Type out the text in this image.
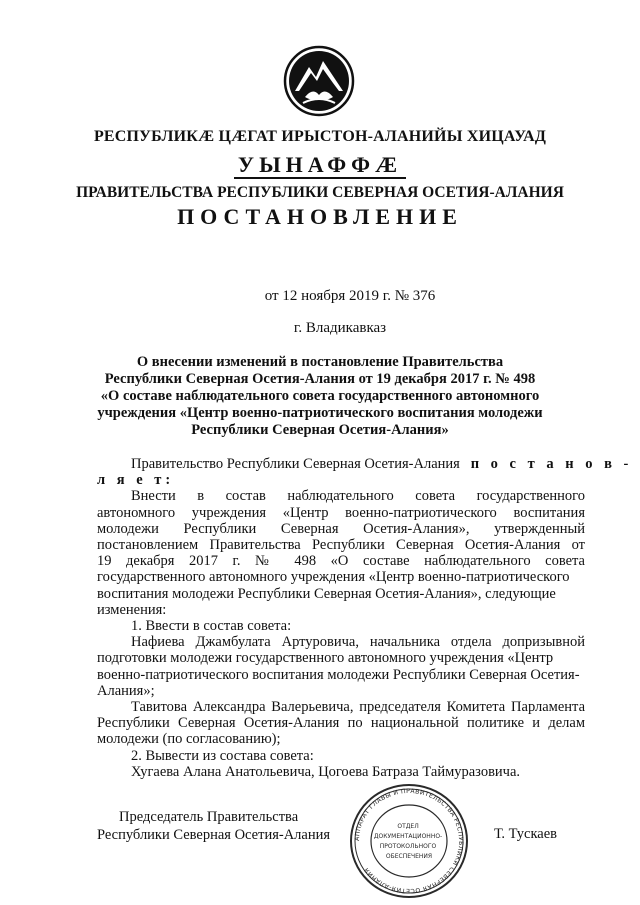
РЕСПУБЛИКӔ ЦӔГАТ ИРЫСТОН-АЛАНИЙЫ ХИЦАУАД
УЫНАФФӔ
ПРАВИТЕЛЬСТВА РЕСПУБЛИКИ СЕВЕРНАЯ ОСЕТИЯ-АЛАНИЯ
ПОСТАНОВЛЕНИЕ
от 12 ноября 2019 г. № 376
г. Владикавказ
О внесении изменений в постановление Правительства
Республики Северная Осетия-Алания от 19 декабря 2017 г. № 498
«О составе наблюдательного совета государственного автономного
учреждения «Центр военно-патриотического воспитания молодежи
Республики Северная Осетия-Алания»
Правительство Республики Северная Осетия-Алания п о с т а н о в -
л я е т:
Внести в состав наблюдательного совета государственного
автономного учреждения «Центр военно-патриотического воспитания
молодежи Республики Северная Осетия-Алания», утвержденный
постановлением Правительства Республики Северная Осетия-Алания от
19 декабря 2017 г. № 498 «О составе наблюдательного совета
государственного автономного учреждения «Центр военно-патриотического
воспитания молодежи Республики Северная Осетия-Алания», следующие
изменения:
1. Ввести в состав совета:
Нафиева Джамбулата Артуровича, начальника отдела допризывной
подготовки молодежи государственного автономного учреждения «Центр
военно-патриотического воспитания молодежи Республики Северная Осетия-
Алания»;
Тавитова Александра Валерьевича, председателя Комитета Парламента
Республики Северная Осетия-Алания по национальной политике и делам
молодежи (по согласованию);
2. Вывести из состава совета:
Хугаева Алана Анатольевича, Цогоева Батраза Таймуразовича.
Председатель Правительства
Республики Северная Осетия-Алания	АППАРАТ ГЛАВЫ И ПРАВИТЕЛЬСТВА РЕСПУБЛИКИ СЕВЕРНАЯ ОСЕТИЯ-АЛАНИЯ
ОТДЕЛ ДОКУМЕНТАЦИОННО- ПРОТОКОЛЬНОГО ОБЕСПЕЧЕНИЯ
Т. Тускаев
